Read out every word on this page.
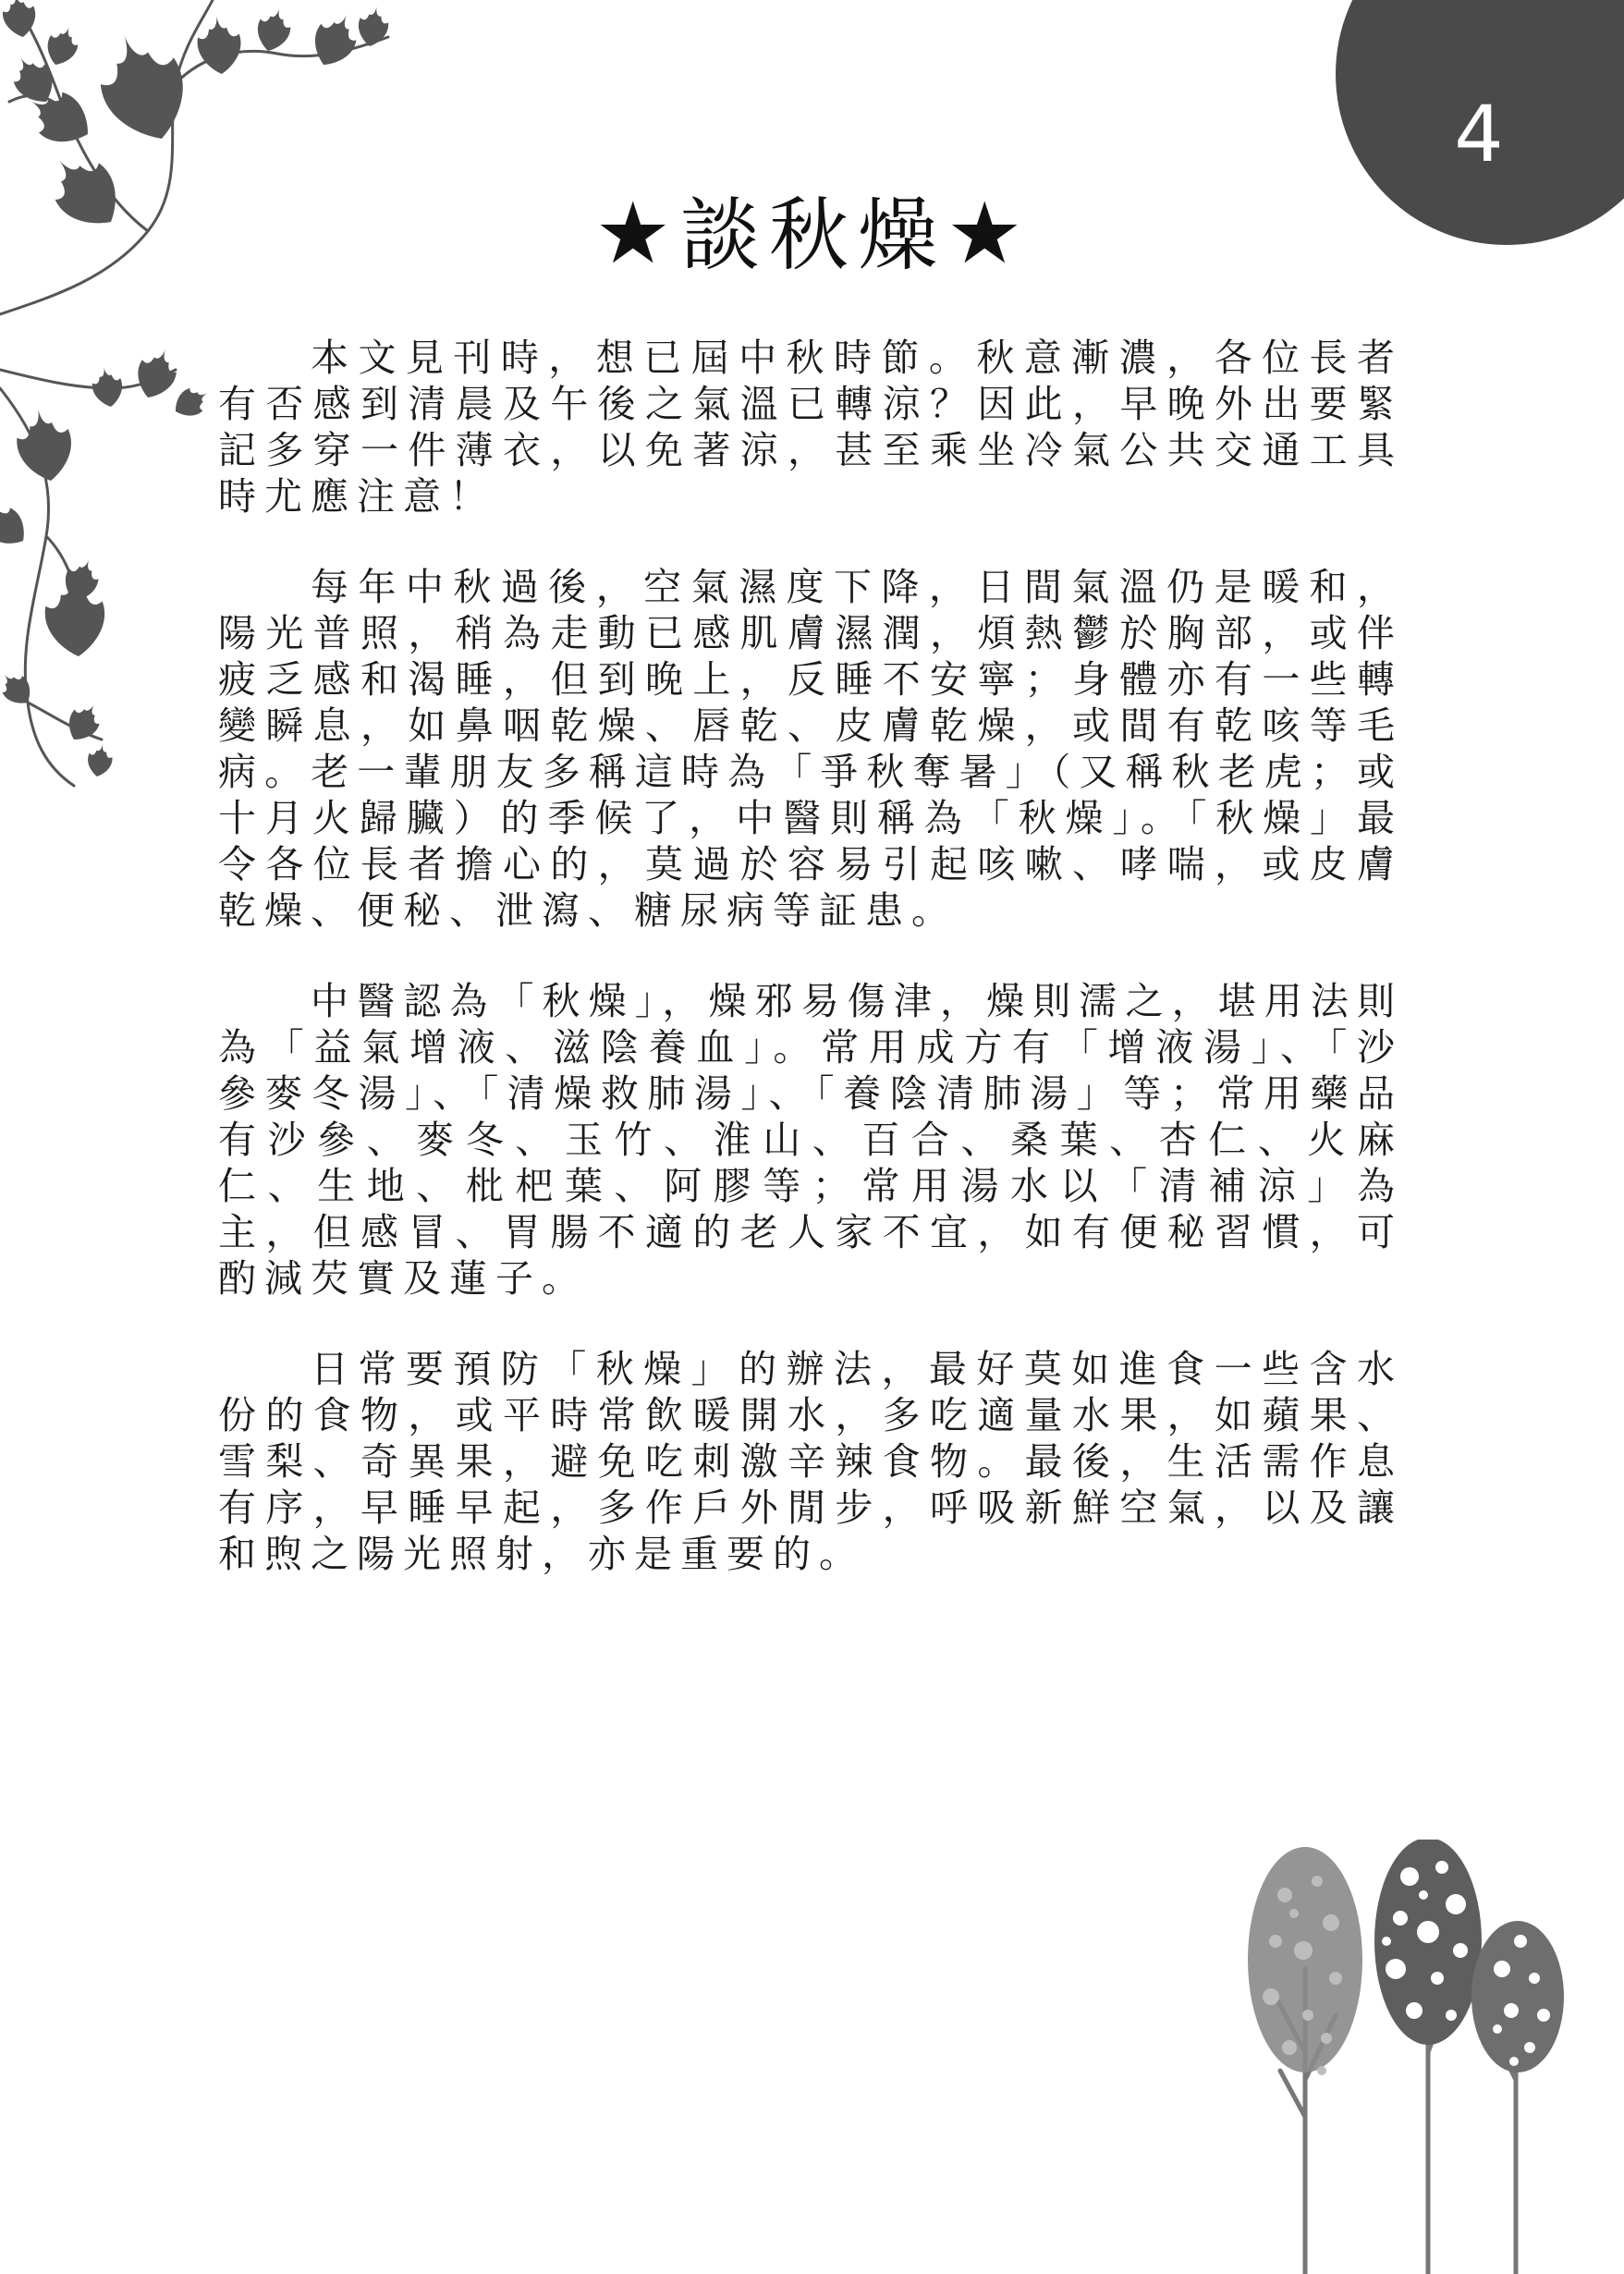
4
★談秋燥★

本文見刊時，想已屆中秋時節。秋意漸濃，各位長者有否感到清晨及午後之氣溫已轉涼？因此，早晚外出要緊記多穿一件薄衣，以免著涼，甚至乘坐冷氣公共交通工具時尤應注意！

每年中秋過後，空氣濕度下降，日間氣溫仍是暖和，陽光普照，稍為走動已感肌膚濕潤，煩熱鬱於胸部，或伴疲乏感和渴睡，但到晚上，反睡不安寧；身體亦有一些轉變瞬息，如鼻咽乾燥、唇乾、皮膚乾燥，或間有乾咳等毛病。老一輩朋友多稱這時為「爭秋奪暑」（又稱秋老虎；或十月火歸臟）的季候了，中醫則稱為「秋燥」。「秋燥」最令各位長者擔心的，莫過於容易引起咳嗽、哮喘，或皮膚乾燥、便秘、泄瀉、糖尿病等証患。

中醫認為「秋燥」，燥邪易傷津，燥則濡之，堪用法則為「益氣增液、滋陰養血」。常用成方有「增液湯」、「沙參麥冬湯」、「清燥救肺湯」、「養陰清肺湯」等；常用藥品有沙參、麥冬、玉竹、淮山、百合、桑葉、杏仁、火麻仁、生地、枇杷葉、阿膠等；常用湯水以「清補涼」為主，但感冒、胃腸不適的老人家不宜，如有便秘習慣，可酌減芡實及蓮子。

日常要預防「秋燥」的辦法，最好莫如進食一些含水份的食物，或平時常飲暖開水，多吃適量水果，如蘋果、雪梨、奇異果，避免吃刺激辛辣食物。最後，生活需作息有序，早睡早起，多作戶外閒步，呼吸新鮮空氣，以及讓和煦之陽光照射，亦是重要的。
